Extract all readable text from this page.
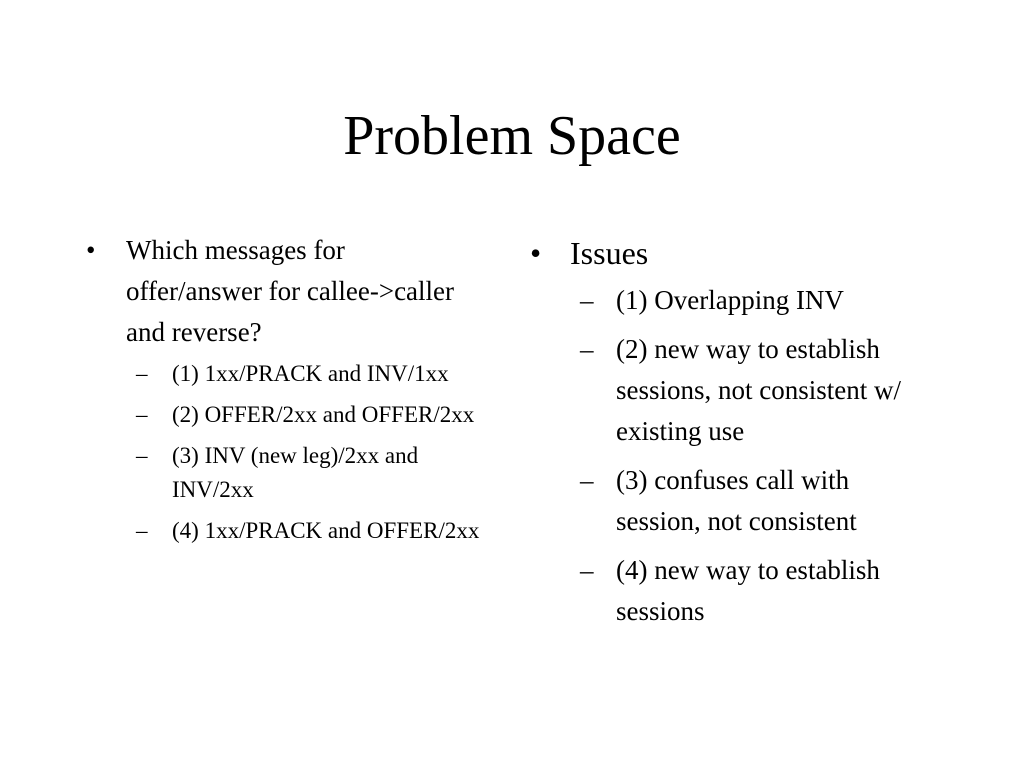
Problem Space
• Which messages for offer/answer for callee->caller and reverse?
– (1) 1xx/PRACK and INV/1xx
– (2) OFFER/2xx and OFFER/2xx
– (3) INV (new leg)/2xx and INV/2xx
– (4) 1xx/PRACK and OFFER/2xx
• Issues
– (1) Overlapping INV
– (2) new way to establish sessions, not consistent w/ existing use
– (3) confuses call with session, not consistent
– (4) new way to establish sessions
